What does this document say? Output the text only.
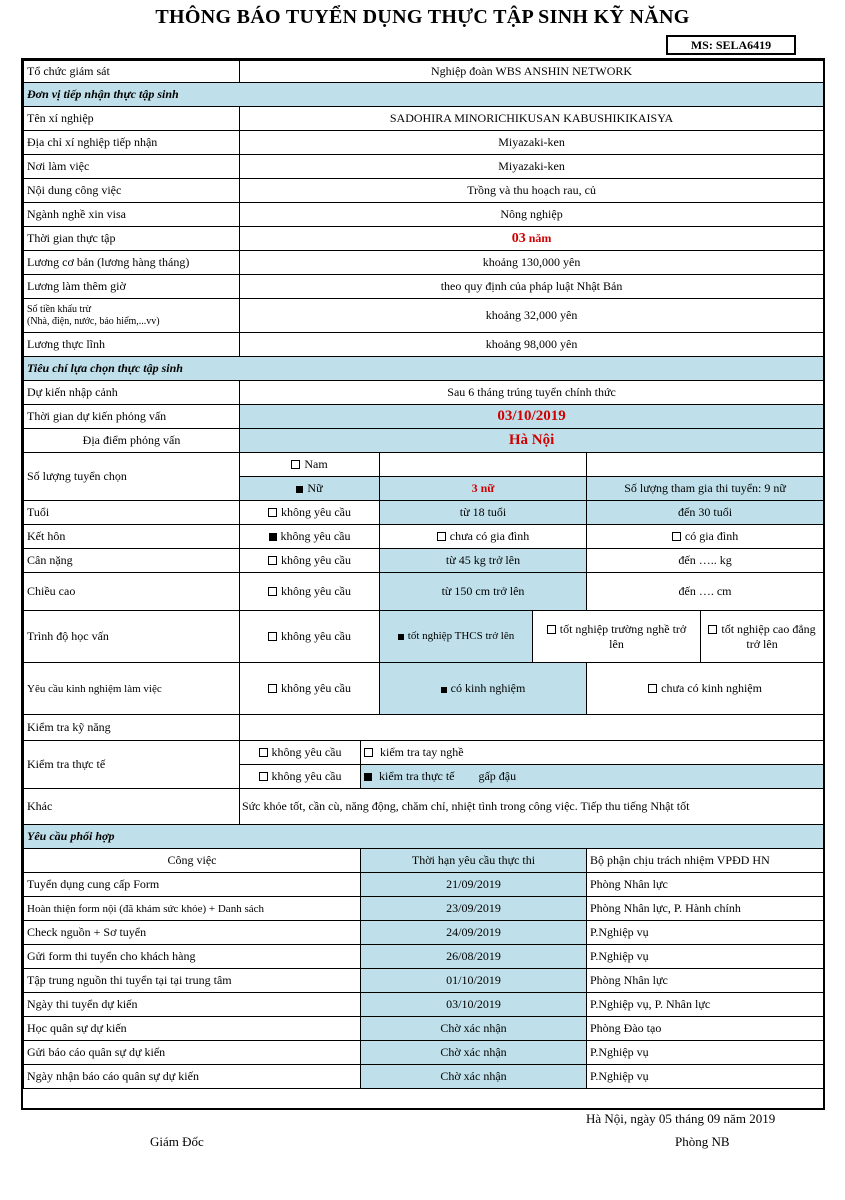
THÔNG BÁO TUYỂN DỤNG THỰC TẬP SINH KỸ NĂNG
MS: SELA6419
Tổ chức giám sát	Nghiệp đoàn WBS ANSHIN NETWORK					
Đơn vị tiếp nhận thực tập sinh						
Tên xí nghiệp	SADOHIRA MINORICHIKUSAN KABUSHIKIKAISYA					
Địa chỉ xí nghiệp tiếp nhận	Miyazaki-ken					
Nơi làm việc	Miyazaki-ken					
Nội dung công việc	Trồng và thu hoạch rau, củ					
Ngành nghề xin visa	Nông nghiệp					
Thời gian thực tập	03 năm					
Lương cơ bản (lương hàng tháng)	khoảng 130,000 yên					
Lương làm thêm giờ	theo quy định của pháp luật Nhật Bản					
Số tiền khấu trừ
(Nhà, điện, nước, bảo hiểm,...vv)	khoảng 32,000 yên					
Lương thực lĩnh	khoảng 98,000 yên					
Tiêu chí lựa chọn thực tập sinh						
Dự kiến nhập cảnh	Sau 6 tháng trúng tuyển chính thức					
Thời gian dự kiến phỏng vấn	03/10/2019					
Địa điểm phỏng vấn	Hà Nội					
Số lượng tuyển chọn	Nam					
	Nữ		3 nữ		Số lượng tham gia thi tuyển: 9 nữ	
Tuổi	không yêu cầu		từ 18 tuổi		đến 30 tuổi	
Kết hôn	không yêu cầu		chưa có gia đình		có gia đình	
Cân nặng	không yêu cầu		từ 45 kg trở lên		đến ….. kg	
Chiều cao	không yêu cầu		từ 150 cm trở lên		đến …. cm	
Trình độ học vấn	không yêu cầu		tốt nghiệp THCS trở lên	tốt nghiệp trường nghề trở lên		tốt nghiệp cao đẳng trở lên
Yêu cầu kinh nghiệm làm việc	không yêu cầu		có kinh nghiệm		chưa có kinh nghiệm	
Kiểm tra kỹ năng						
Kiểm tra thực tế	không yêu cầu	kiểm tra tay nghề				
	không yêu cầu	kiểm tra thực tế gấp đậu				
Khác	Sức khỏe tốt, cần cù, năng động, chăm chỉ, nhiệt tình trong công việc. Tiếp thu tiếng Nhật tốt					
Yêu cầu phối hợp						
Công việc		Thời hạn yêu cầu thực thi			Bộ phận chịu trách nhiệm VPĐD HN	
Tuyển dụng cung cấp Form		21/09/2019			Phòng Nhân lực	
Hoàn thiện form nội (đã khám sức khỏe) + Danh sách		23/09/2019			Phòng Nhân lực, P. Hành chính	
Check nguồn + Sơ tuyển		24/09/2019			P.Nghiệp vụ	
Gửi form thi tuyển cho khách hàng		26/08/2019			P.Nghiệp vụ	
Tập trung nguồn thi tuyển tại tại trung tâm		01/10/2019			Phòng Nhân lực	
Ngày thi tuyển dự kiến		03/10/2019			P.Nghiệp vụ, P. Nhân lực	
Học quân sự dự kiến		Chờ xác nhận			Phòng Đào tạo	
Gửi báo cáo quân sự dự kiến		Chờ xác nhận			P.Nghiệp vụ	
Ngày nhận báo cáo quân sự dự kiến		Chờ xác nhận			P.Nghiệp vụ	
Hà Nội, ngày 05 tháng 09 năm 2019
Giám Đốc	Phòng NB
